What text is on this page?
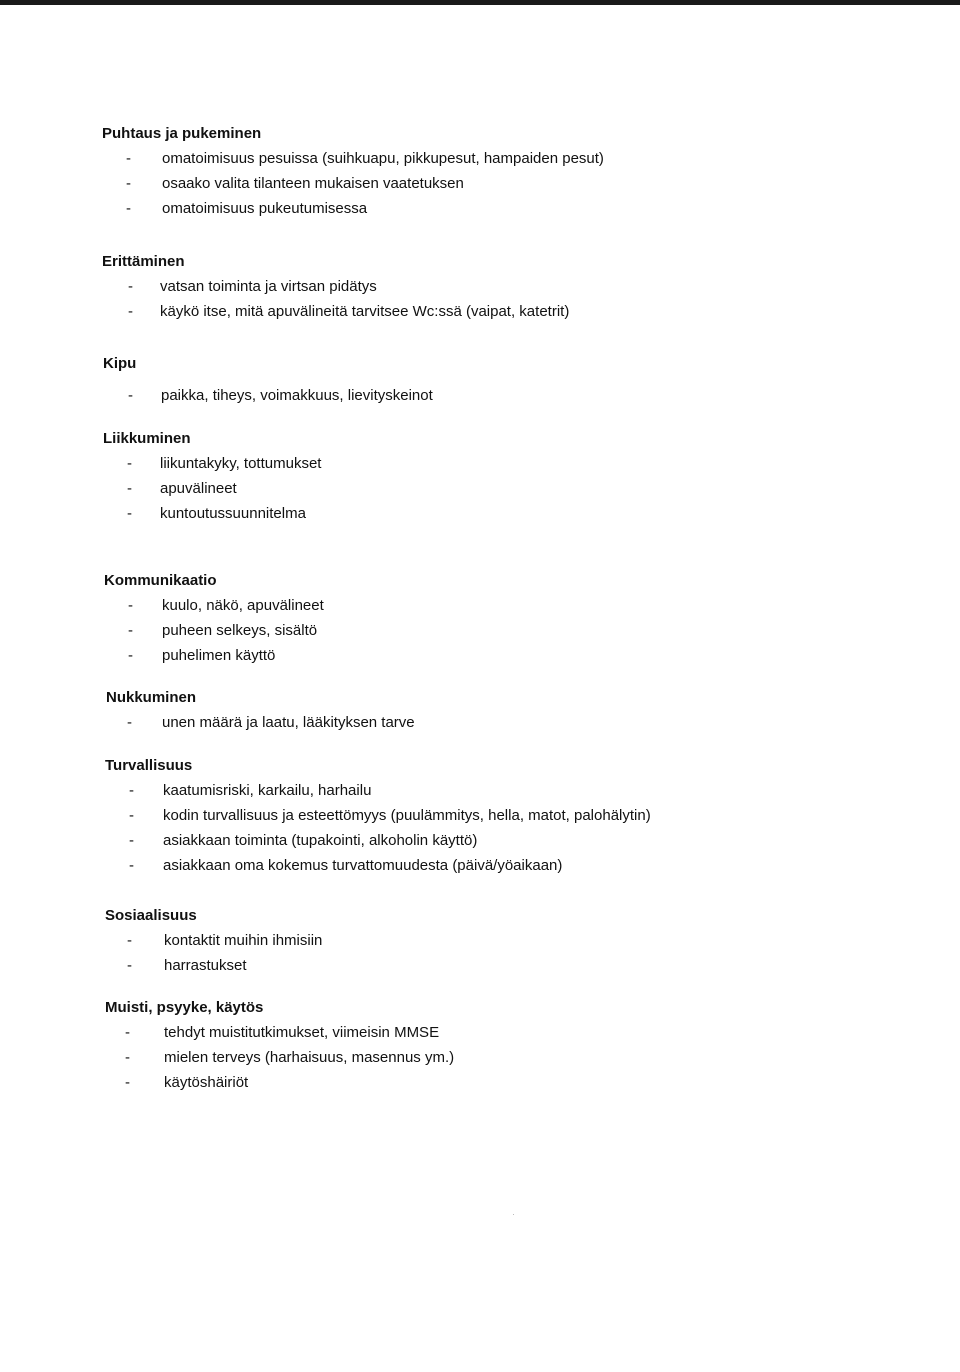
Puhtaus ja pukeminen
- omatoimisuus pesuissa (suihkuapu, pikkupesut, hampaiden pesut)
- osaako valita tilanteen mukaisen vaatetuksen
- omatoimisuus pukeutumisessa
Erittäminen
- vatsan toiminta ja virtsan pidätys
- käykö itse, mitä apuvälineitä tarvitsee Wc:ssä (vaipat, katetrit)
Kipu
- paikka, tiheys, voimakkuus, lievityskeinot
Liikkuminen
- liikuntakyky, tottumukset
- apuvälineet
- kuntoutussuunnitelma
Kommunikaatio
- kuulo, näkö, apuvälineet
- puheen selkeys, sisältö
- puhelimen käyttö
Nukkuminen
- unen määrä ja laatu, lääkityksen tarve
Turvallisuus
- kaatumisriski, karkailu, harhailu
- kodin turvallisuus ja esteettömyys (puulämmitys, hella, matot, palohälytin)
- asiakkaan toiminta (tupakointi, alkoholin käyttö)
- asiakkaan oma kokemus turvattomuudesta (päivä/yöaikaan)
Sosiaalisuus
- kontaktit muihin ihmisiin
- harrastukset
Muisti, psyyke, käytös
- tehdyt muistitutkimukset, viimeisin MMSE
- mielen terveys (harhaisuus, masennus ym.)
- käytöshäiriöt
